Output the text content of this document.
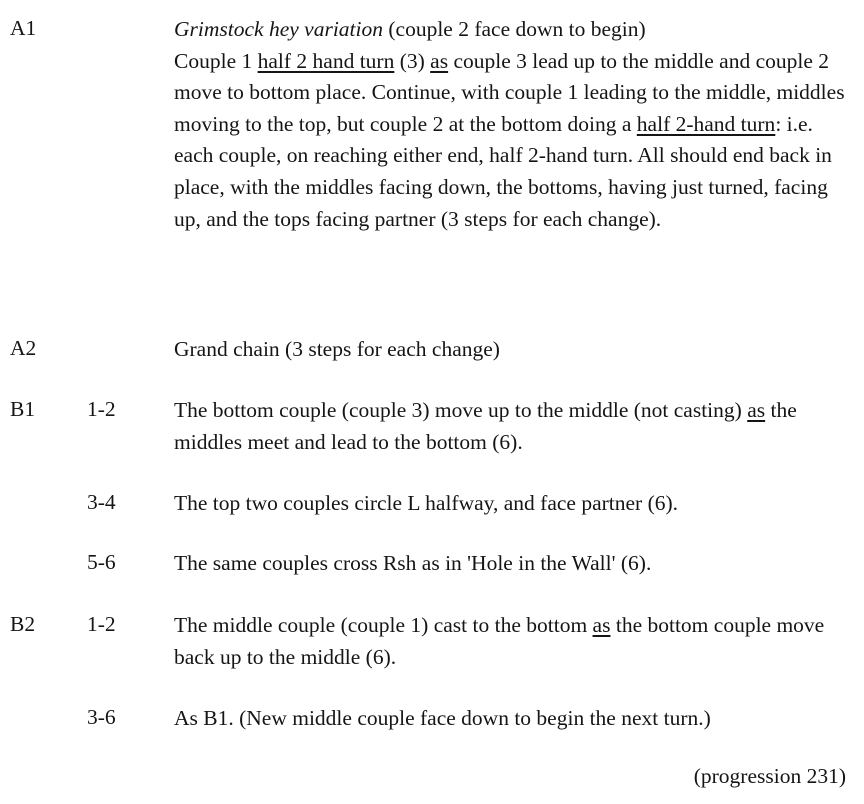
A1	Grimstock hey variation (couple 2 face down to begin)
Couple 1 half 2 hand turn (3) as couple 3 lead up to the middle and couple 2 move to bottom place. Continue, with couple 1 leading to the middle, middles moving to the top, but couple 2 at the bottom doing a half 2-hand turn: i.e. each couple, on reaching either end, half 2-hand turn. All should end back in place, with the middles facing down, the bottoms, having just turned, facing up, and the tops facing partner (3 steps for each change).
A2	Grand chain (3 steps for each change)
B1 1-2	The bottom couple (couple 3) move up to the middle (not casting) as the middles meet and lead to the bottom (6).
3-4	The top two couples circle L halfway, and face partner (6).
5-6	The same couples cross Rsh as in 'Hole in the Wall' (6).
B2 1-2	The middle couple (couple 1) cast to the bottom as the bottom couple move back up to the middle (6).
3-6	As B1. (New middle couple face down to begin the next turn.)
(progression 231)
